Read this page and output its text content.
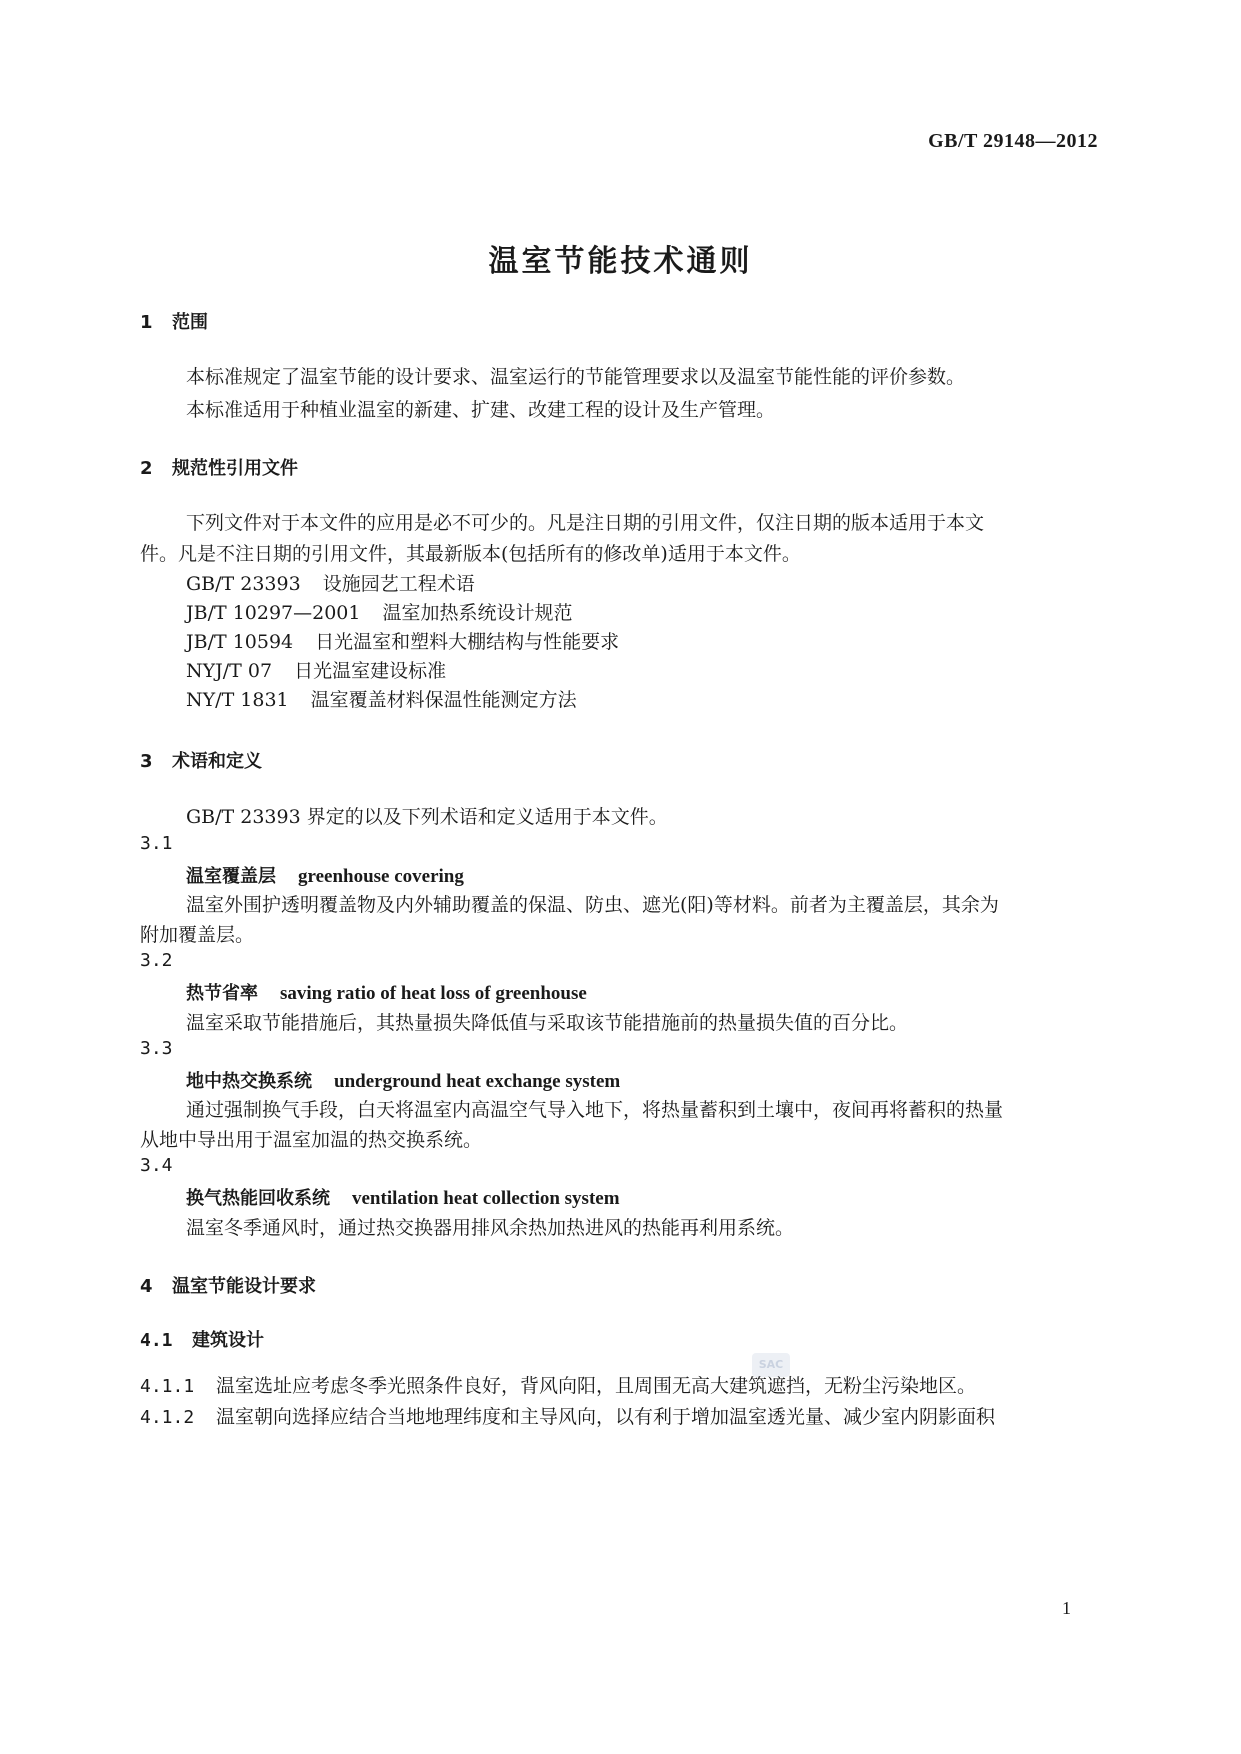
GB/T 29148—2012
温室节能技术通则
1 范围
本标准规定了温室节能的设计要求、温室运行的节能管理要求以及温室节能性能的评价参数。
本标准适用于种植业温室的新建、扩建、改建工程的设计及生产管理。
2 规范性引用文件
下列文件对于本文件的应用是必不可少的。凡是注日期的引用文件，仅注日期的版本适用于本文
件。凡是不注日期的引用文件，其最新版本(包括所有的修改单)适用于本文件。
GB/T 23393 设施园艺工程术语
JB/T 10297—2001 温室加热系统设计规范
JB/T 10594 日光温室和塑料大棚结构与性能要求
NYJ/T 07 日光温室建设标准
NY/T 1831 温室覆盖材料保温性能测定方法
3 术语和定义
GB/T 23393 界定的以及下列术语和定义适用于本文件。
3.1
温室覆盖层 greenhouse covering
温室外围护透明覆盖物及内外辅助覆盖的保温、防虫、遮光(阳)等材料。前者为主覆盖层，其余为
附加覆盖层。
3.2
热节省率 saving ratio of heat loss of greenhouse
温室采取节能措施后，其热量损失降低值与采取该节能措施前的热量损失值的百分比。
3.3
地中热交换系统 underground heat exchange system
通过强制换气手段，白天将温室内高温空气导入地下，将热量蓄积到土壤中，夜间再将蓄积的热量
从地中导出用于温室加温的热交换系统。
3.4
换气热能回收系统 ventilation heat collection system
温室冬季通风时，通过热交换器用排风余热加热进风的热能再利用系统。
SAC
4 温室节能设计要求
4.1 建筑设计
4.1.1 温室选址应考虑冬季光照条件良好，背风向阳，且周围无高大建筑遮挡，无粉尘污染地区。
4.1.2 温室朝向选择应结合当地地理纬度和主导风向，以有利于增加温室透光量、减少室内阴影面积
1
